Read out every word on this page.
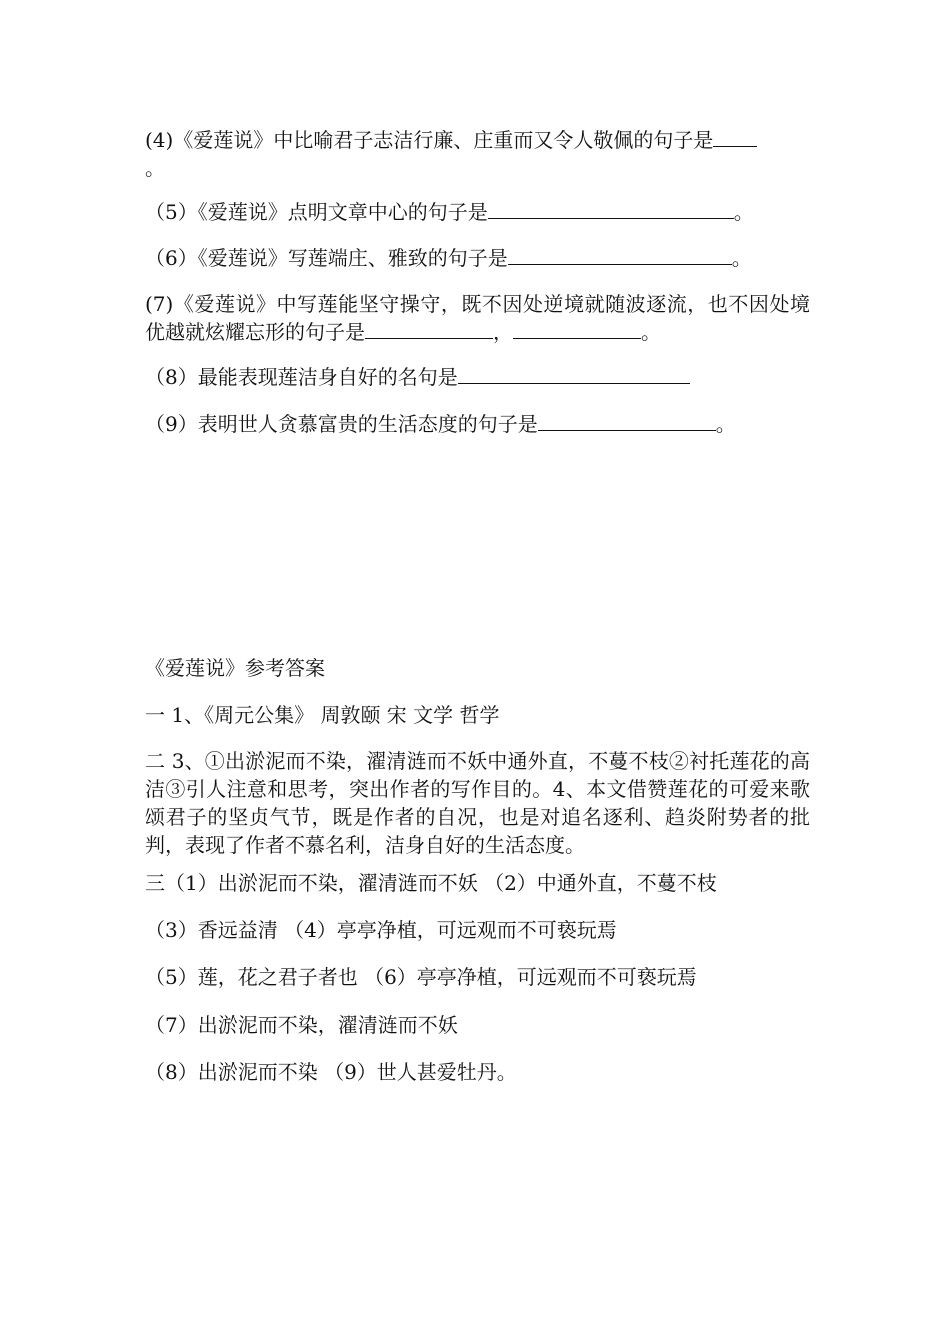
(4)《爱莲说》中比喻君子志洁行廉、庄重而又令人敬佩的句子是
。
（5）《爱莲说》点明文章中心的句子是	。
（6）《爱莲说》写莲端庄、雅致的句子是	。
(7)《爱莲说》中写莲能坚守操守，既不因处逆境就随波逐流，也不因处境优越就炫耀忘形的句子是	，	。
（8）最能表现莲洁身自好的名句是
（9）表明世人贪慕富贵的生活态度的句子是	。
《爱莲说》参考答案
一 1、《周元公集》 周敦颐 宋 文学 哲学
二 3、①出淤泥而不染，濯清涟而不妖中通外直，不蔓不枝②衬托莲花的高洁③引人注意和思考，突出作者的写作目的。4、本文借赞莲花的可爱来歌颂君子的坚贞气节，既是作者的自况，也是对追名逐利、趋炎附势者的批判，表现了作者不慕名利，洁身自好的生活态度。
三（1）出淤泥而不染，濯清涟而不妖 （2）中通外直，不蔓不枝
（3）香远益清 （4）亭亭净植，可远观而不可亵玩焉
（5）莲，花之君子者也 （6）亭亭净植，可远观而不可亵玩焉
（7）出淤泥而不染，濯清涟而不妖
（8）出淤泥而不染 （9）世人甚爱牡丹。
